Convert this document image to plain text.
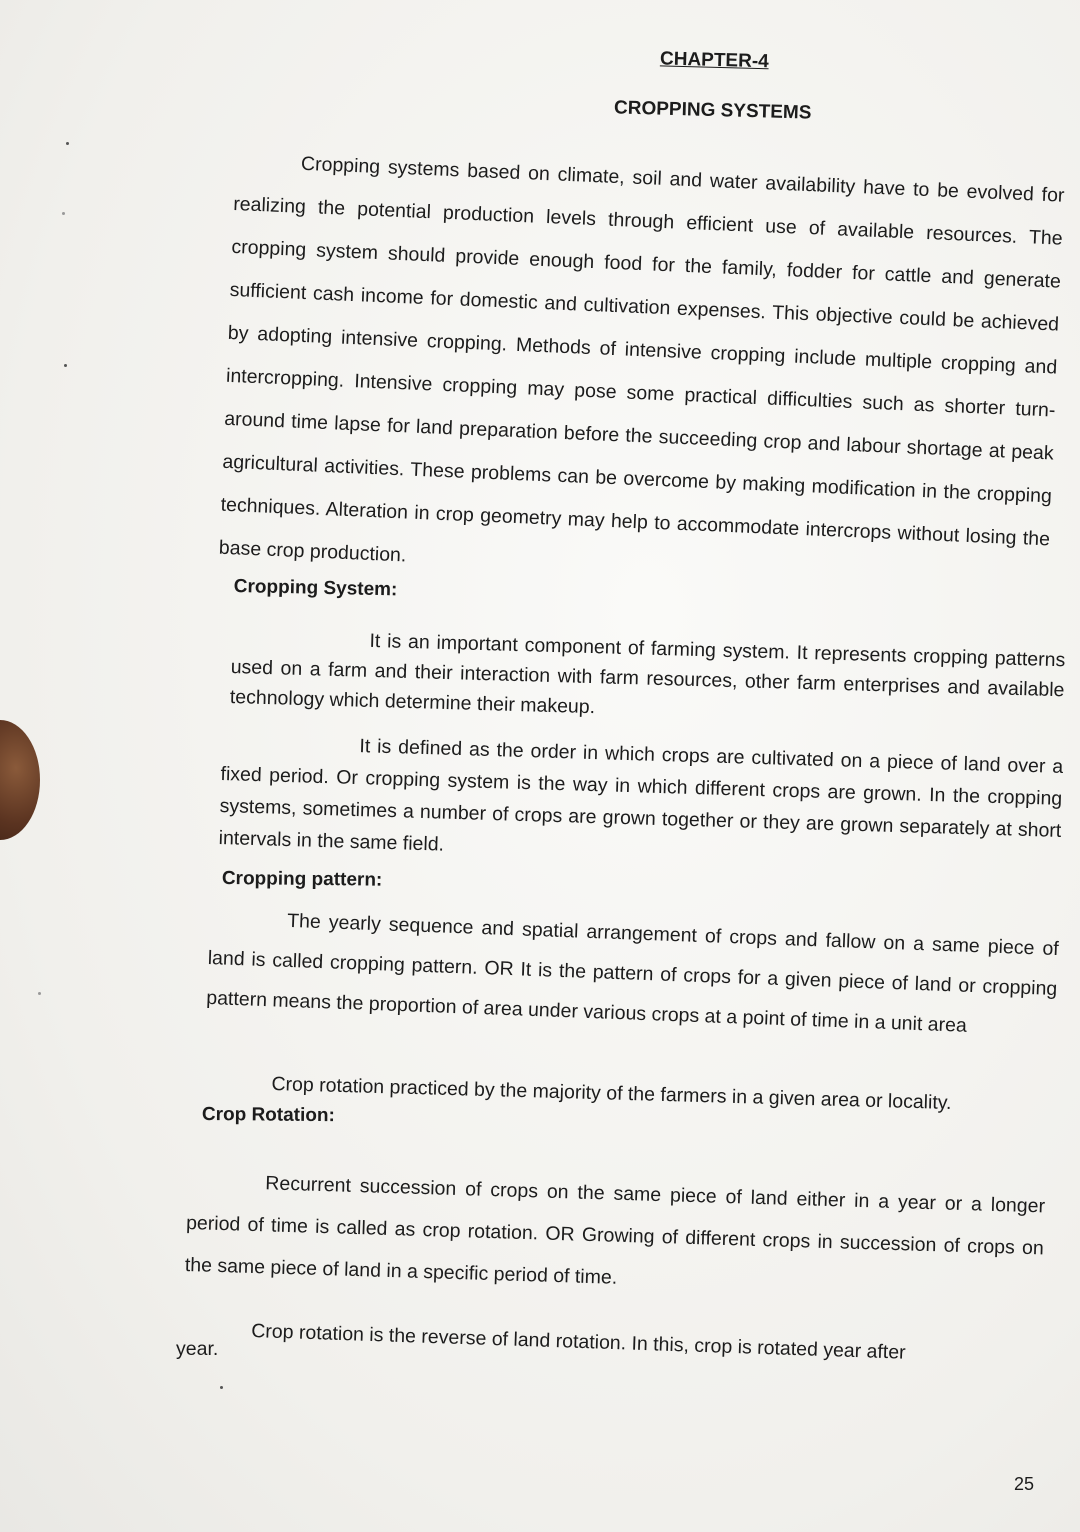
CHAPTER-4
CROPPING SYSTEMS
Cropping systems based on climate, soil and water availability have to be evolved for realizing the potential production levels through efficient use of available resources. The cropping system should provide enough food for the family, fodder for cattle and generate sufficient cash income for domestic and cultivation expenses. This objective could be achieved by adopting intensive cropping. Methods of intensive cropping include multiple cropping and intercropping. Intensive cropping may pose some practical difficulties such as shorter turn- around time lapse for land preparation before the succeeding crop and labour shortage at peak agricultural activities. These problems can be overcome by making modification in the cropping techniques. Alteration in crop geometry may help to accommodate intercrops without losing the base crop production.
Cropping System:
It is an important component of farming system. It represents cropping patterns used on a farm and their interaction with farm resources, other farm enterprises and available technology which determine their makeup.
It is defined as the order in which crops are cultivated on a piece of land over a fixed period. Or cropping system is the way in which different crops are grown. In the cropping systems, sometimes a number of crops are grown together or they are grown separately at short intervals in the same field.
Cropping pattern:
The yearly sequence and spatial arrangement of crops and fallow on a same piece of land is called cropping pattern. OR It is the pattern of crops for a given piece of land or cropping pattern means the proportion of area under various crops at a point of time in a unit area
Crop rotation practiced by the majority of the farmers in a given area or locality.
Crop Rotation:
Recurrent succession of crops on the same piece of land either in a year or a longer period of time is called as crop rotation. OR Growing of different crops in succession of crops on the same piece of land in a specific period of time.
Crop rotation is the reverse of land rotation. In this, crop is rotated year after
year.
25
